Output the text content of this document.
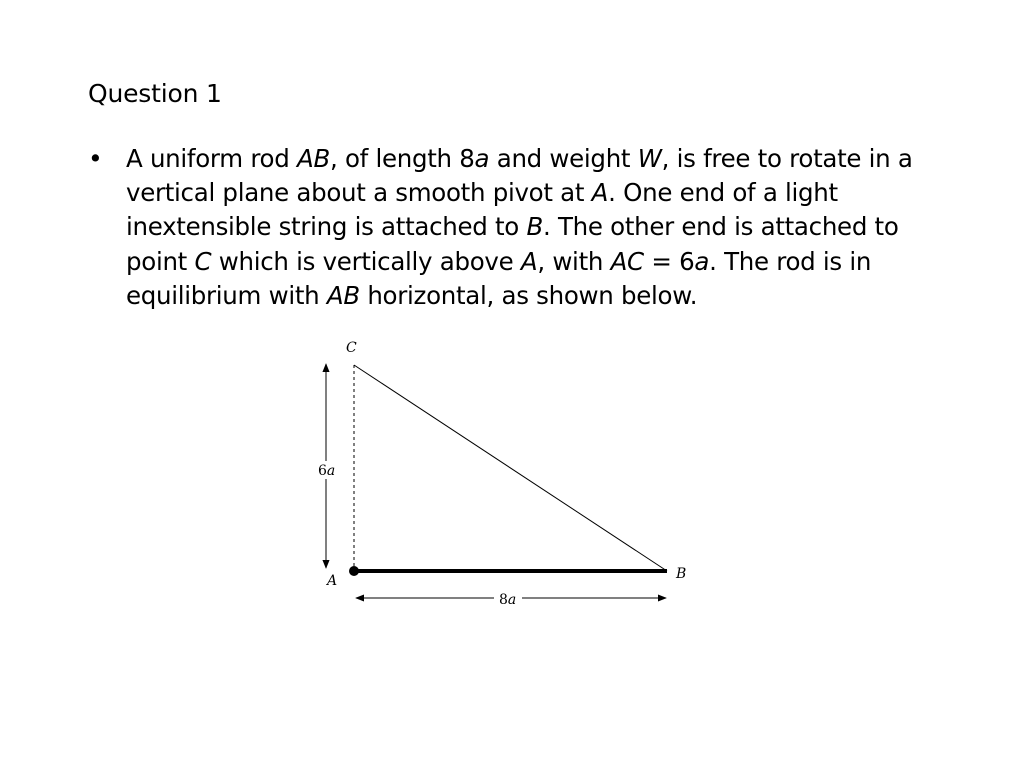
Question 1
• A uniform rod AB, of length 8a and weight W, is free to rotate in a vertical plane about a smooth pivot at A. One end of a light inextensible string is attached to B. The other end is attached to point C which is vertically above A, with AC = 6a. The rod is in equilibrium with AB horizontal, as shown below.
C
A	B
6a
8a
